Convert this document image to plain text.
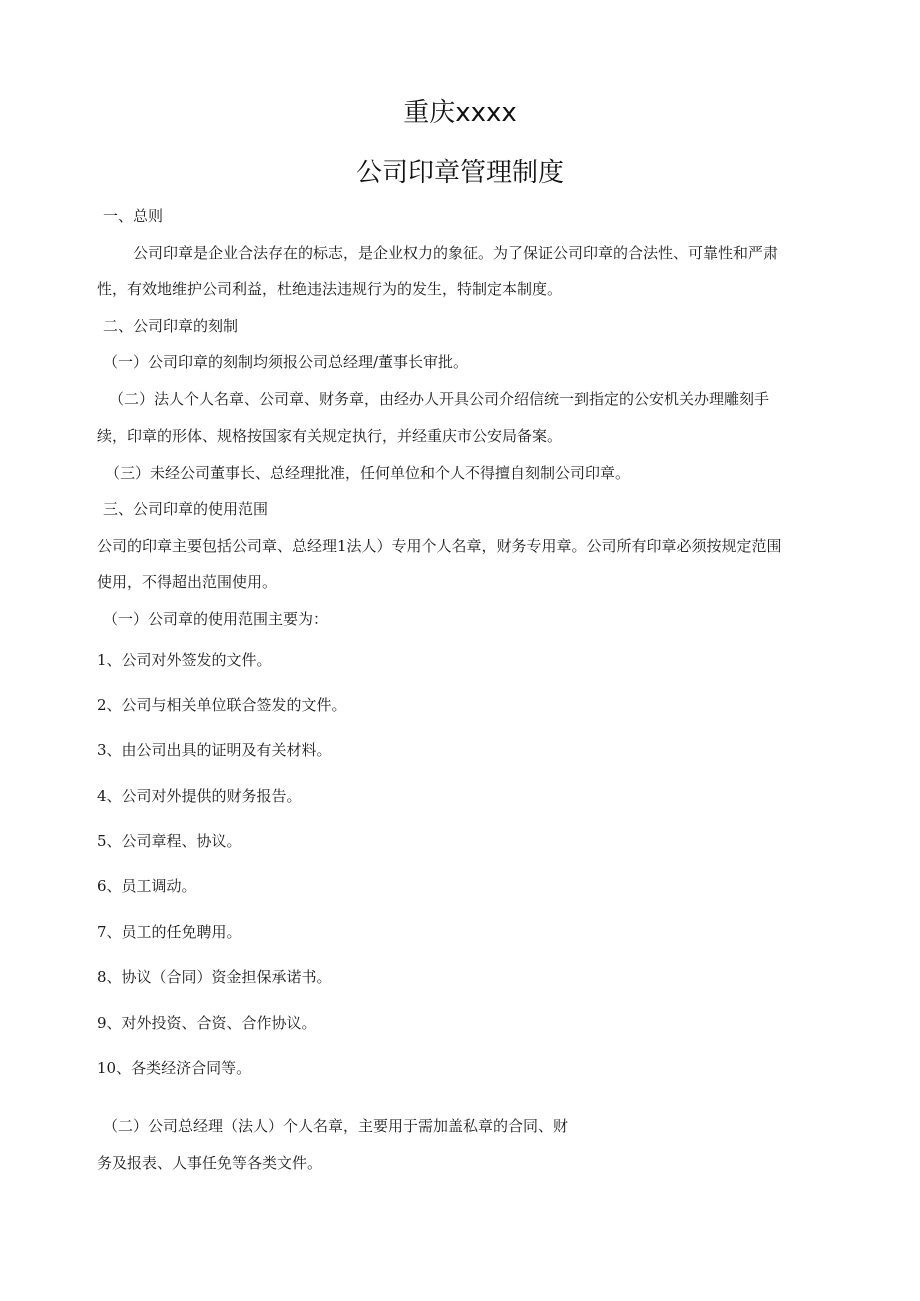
重庆xxxx
公司印章管理制度
一、总则
公司印章是企业合法存在的标志，是企业权力的象征。为了保证公司印章的合法性、可靠性和严肃
性，有效地维护公司利益，杜绝违法违规行为的发生，特制定本制度。
二、公司印章的刻制
（一）公司印章的刻制均须报公司总经理/董事长审批。
（二）法人个人名章、公司章、财务章，由经办人开具公司介绍信统一到指定的公安机关办理雕刻手
续，印章的形体、规格按国家有关规定执行，并经重庆市公安局备案。
（三）未经公司董事长、总经理批准，任何单位和个人不得擅自刻制公司印章。
三、公司印章的使用范围
公司的印章主要包括公司章、总经理1法人）专用个人名章，财务专用章。公司所有印章必须按规定范围
使用，不得超出范围使用。
（一）公司章的使用范围主要为：
1、公司对外签发的文件。
2、公司与相关单位联合签发的文件。
3、由公司出具的证明及有关材料。
4、公司对外提供的财务报告。
5、公司章程、协议。
6、员工调动。
7、员工的任免聘用。
8、协议（合同）资金担保承诺书。
9、对外投资、合资、合作协议。
10、各类经济合同等。
（二）公司总经理（法人）个人名章，主要用于需加盖私章的合同、财
务及报表、人事任免等各类文件。
